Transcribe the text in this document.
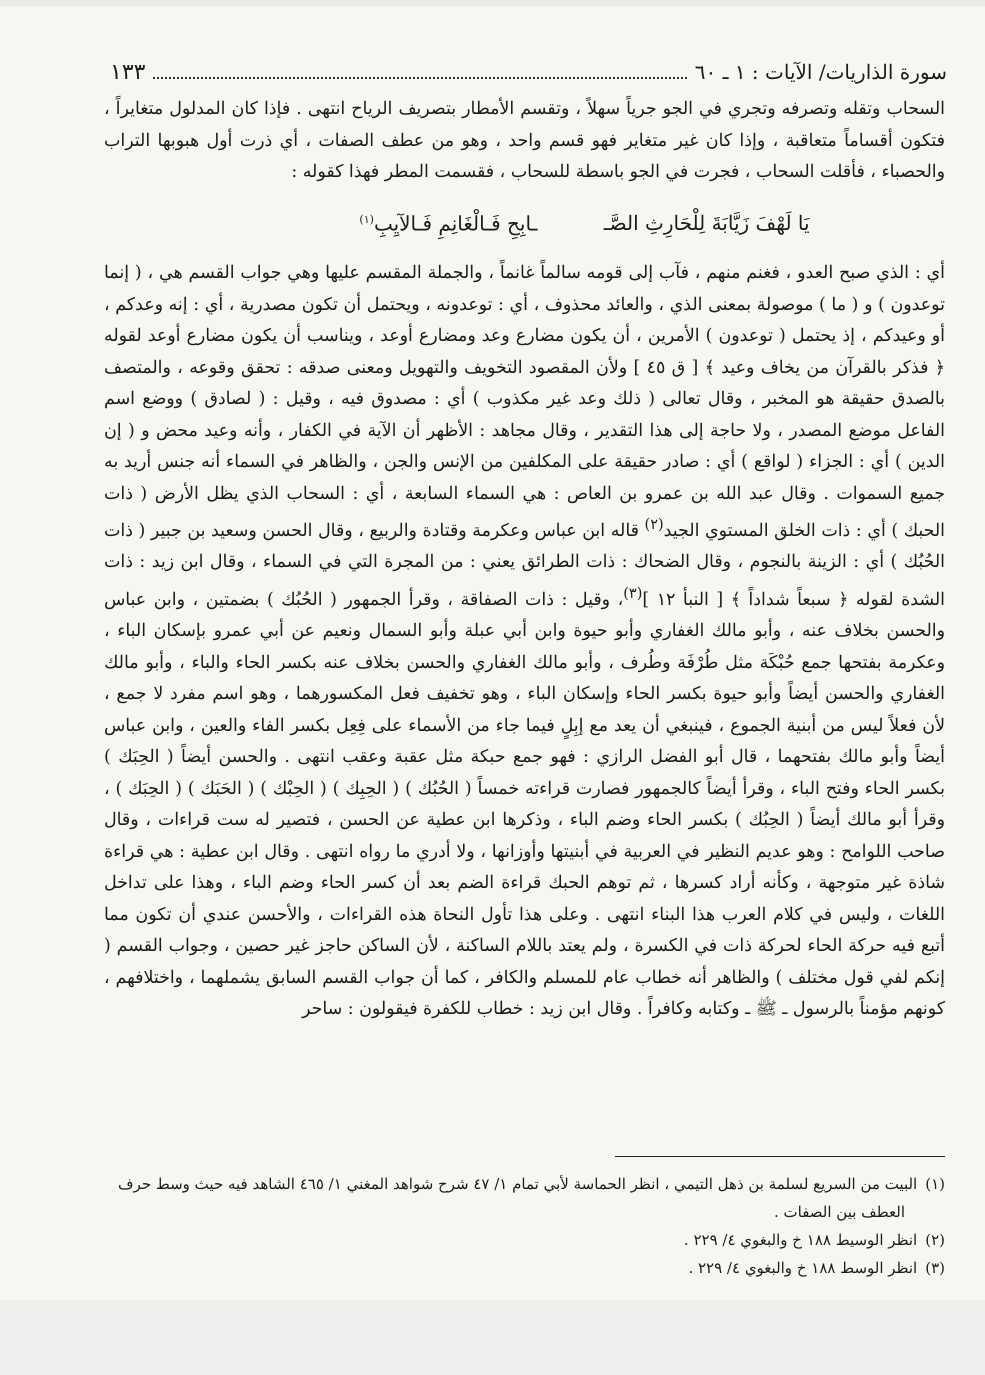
سورة الذاريات/ الآيات : ١ ـ ٦٠
١٣٣

السحاب وتقله وتصرفه وتجري في الجو جرياً سهلاً ، وتقسم الأمطار بتصريف الرياح انتهى . فإذا كان المدلول متغايراً ، فتكون أقساماً متعاقبة ، وإذا كان غير متغاير فهو قسم واحد ، وهو من عطف الصفات ، أي ذرت أول هبوبها التراب والحصباء ، فأقلت السحاب ، فجرت في الجو باسطة للسحاب ، فقسمت المطر فهذا كقوله :

يَا لَهْفَ زَيَّابَةَ لِلْحَارِثِ الصَّـ ـابِحِ فَـالْغَانِمِ فَـالآيِبِ$^{(١)}$

أي : الذي صبح العدو ، فغنم منهم ، فآب إلى قومه سالماً غانماً ، والجملة المقسم عليها وهي جواب القسم هي ، ( إنما توعدون ) و ( ما ) موصولة بمعنى الذي ، والعائد محذوف ، أي : توعدونه ، ويحتمل أن تكون مصدرية ، أي : إنه وعدكم ، أو وعيدكم ، إذ يحتمل ( توعدون ) الأمرين ، أن يكون مضارع وعد ومضارع أوعد ، ويناسب أن يكون مضارع أوعد لقوله ﴿ فذكر بالقرآن من يخاف وعيد ﴾ [ ق ٤٥ ] ولأن المقصود التخويف والتهويل ومعنى صدقه : تحقق وقوعه ، والمتصف بالصدق حقيقة هو المخبر ، وقال تعالى ( ذلك وعد غير مكذوب ) أي : مصدوق فيه ، وقيل : ( لصادق ) ووضع اسم الفاعل موضع المصدر ، ولا حاجة إلى هذا التقدير ، وقال مجاهد : الأظهر أن الآية في الكفار ، وأنه وعيد محض و ( إن الدين ) أي : الجزاء ( لواقع ) أي : صادر حقيقة على المكلفين من الإنس والجن ، والظاهر في السماء أنه جنس أريد به جميع السموات . وقال عبد الله بن عمرو بن العاص : هي السماء السابعة ، أي : السحاب الذي يظل الأرض ( ذات الحبك ) أي : ذات الخلق المستوي الجيد$^{(٢)}$ قاله ابن عباس وعكرمة وقتادة والربيع ، وقال الحسن وسعيد بن جبير ( ذات الحُبُك ) أي : الزينة بالنجوم ، وقال الضحاك : ذات الطرائق يعني : من المجرة التي في السماء ، وقال ابن زيد : ذات الشدة لقوله ﴿ سبعاً شداداً ﴾ [ النبأ ١٢ ]$^{(٣)}$، وقيل : ذات الصفاقة ، وقرأ الجمهور ( الحُبُك ) بضمتين ، وابن عباس والحسن بخلاف عنه ، وأبو مالك الغفاري وأبو حيوة وابن أبي عبلة وأبو السمال ونعيم عن أبي عمرو بإسكان الباء ، وعكرمة بفتحها جمع حُبْكَة مثل طُرْفَة وطُرف ، وأبو مالك الغفاري والحسن بخلاف عنه بكسر الحاء والباء ، وأبو مالك الغفاري والحسن أيضاً وأبو حيوة بكسر الحاء وإسكان الباء ، وهو تخفيف فعل المكسورهما ، وهو اسم مفرد لا جمع ، لأن فعلاً ليس من أبنية الجموع ، فينبغي أن يعد مع إبِلٍ فيما جاء من الأسماء على فِعِل بكسر الفاء والعين ، وابن عباس أيضاً وأبو مالك بفتحهما ، قال أبو الفضل الرازي : فهو جمع حبكة مثل عقبة وعقب انتهى . والحسن أيضاً ( الحِبَك ) بكسر الحاء وفتح الباء ، وقرأ أيضاً كالجمهور فصارت قراءته خمساً ( الحُبُك ) ( الحِبِك ) ( الحِبْك ) ( الحَبَك ) ( الحِبَك ) ، وقرأ أبو مالك أيضاً ( الحِبُك ) بكسر الحاء وضم الباء ، وذكرها ابن عطية عن الحسن ، فتصير له ست قراءات ، وقال صاحب اللوامح : وهو عديم النظير في العربية في أبنيتها وأوزانها ، ولا أدري ما رواه انتهى . وقال ابن عطية : هي قراءة شاذة غير متوجهة ، وكأنه أراد كسرها ، ثم توهم الحبك قراءة الضم بعد أن كسر الحاء وضم الباء ، وهذا على تداخل اللغات ، وليس في كلام العرب هذا البناء انتهى . وعلى هذا تأول النحاة هذه القراءات ، والأحسن عندي أن تكون مما أتبع فيه حركة الحاء لحركة ذات في الكسرة ، ولم يعتد باللام الساكنة ، لأن الساكن حاجز غير حصين ، وجواب القسم ( إنكم لفي قول مختلف ) والظاهر أنه خطاب عام للمسلم والكافر ، كما أن جواب القسم السابق يشملهما ، واختلافهم ، كونهم مؤمناً بالرسول ـ ﷺ ـ وكتابه وكافراً . وقال ابن زيد : خطاب للكفرة فيقولون : ساحر

(١)البيت من السريع لسلمة بن ذهل التيمي ، انظر الحماسة لأبي تمام ١/ ٤٧ شرح شواهد المغني ١/ ٤٦٥ الشاهد فيه حيث وسط حرف
العطف بين الصفات .
(٢)انظر الوسيط ١٨٨ خ والبغوي ٤/ ٢٢٩ .
(٣)انظر الوسط ١٨٨ خ والبغوي ٤/ ٢٢٩ .
